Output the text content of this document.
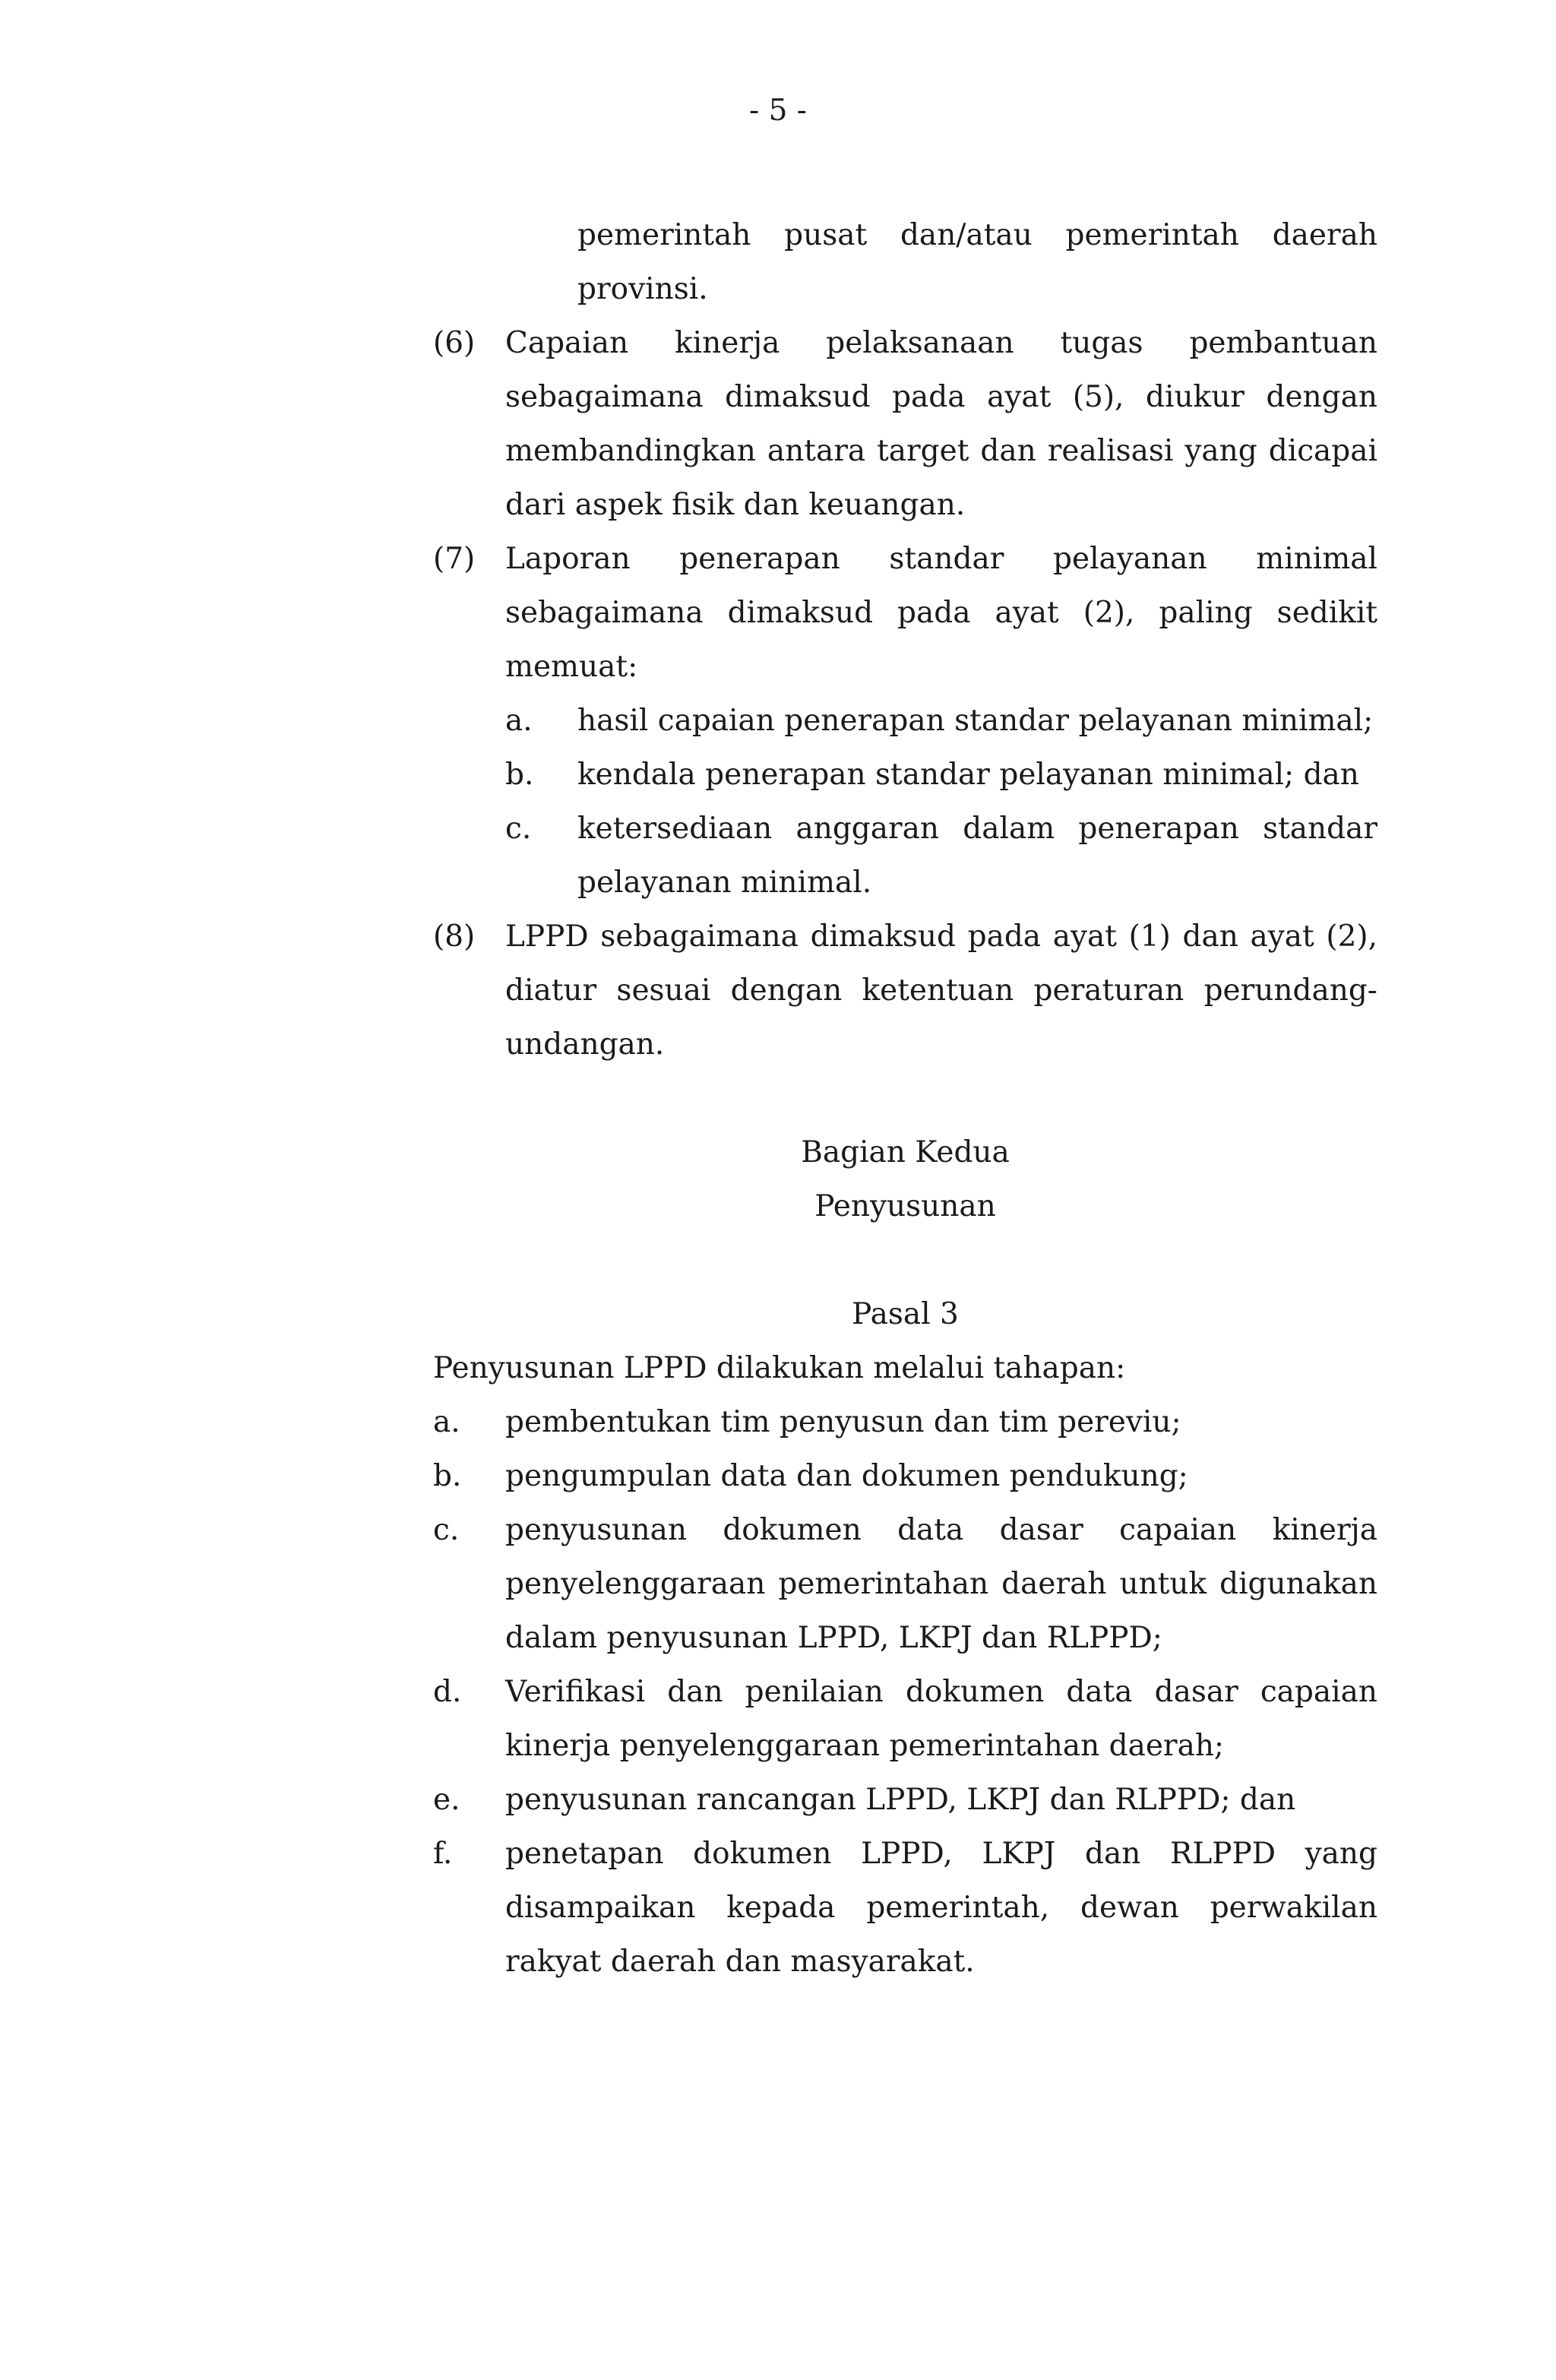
- 5 -
pemerintah pusat dan/atau pemerintah daerah provinsi.
(6)	Capaian kinerja pelaksanaan tugas pembantuan sebagaimana dimaksud pada ayat (5), diukur dengan membandingkan antara target dan realisasi yang dicapai dari aspek fisik dan keuangan.
(7)	Laporan penerapan standar pelayanan minimal sebagaimana dimaksud pada ayat (2), paling sedikit memuat:
a.	hasil capaian penerapan standar pelayanan minimal;
b.	kendala penerapan standar pelayanan minimal; dan
c.	ketersediaan anggaran dalam penerapan standar pelayanan minimal.
(8)	LPPD sebagaimana dimaksud pada ayat (1) dan ayat (2), diatur sesuai dengan ketentuan peraturan perundang-undangan.
Bagian Kedua
Penyusunan
Pasal 3
Penyusunan LPPD dilakukan melalui tahapan:
a.	pembentukan tim penyusun dan tim pereviu;
b.	pengumpulan data dan dokumen pendukung;
c.	penyusunan dokumen data dasar capaian kinerja penyelenggaraan pemerintahan daerah untuk digunakan dalam penyusunan LPPD, LKPJ dan RLPPD;
d.	Verifikasi dan penilaian dokumen data dasar capaian kinerja penyelenggaraan pemerintahan daerah;
e.	penyusunan rancangan LPPD, LKPJ dan RLPPD; dan
f.	penetapan dokumen LPPD, LKPJ dan RLPPD yang disampaikan kepada pemerintah, dewan perwakilan rakyat daerah dan masyarakat.
